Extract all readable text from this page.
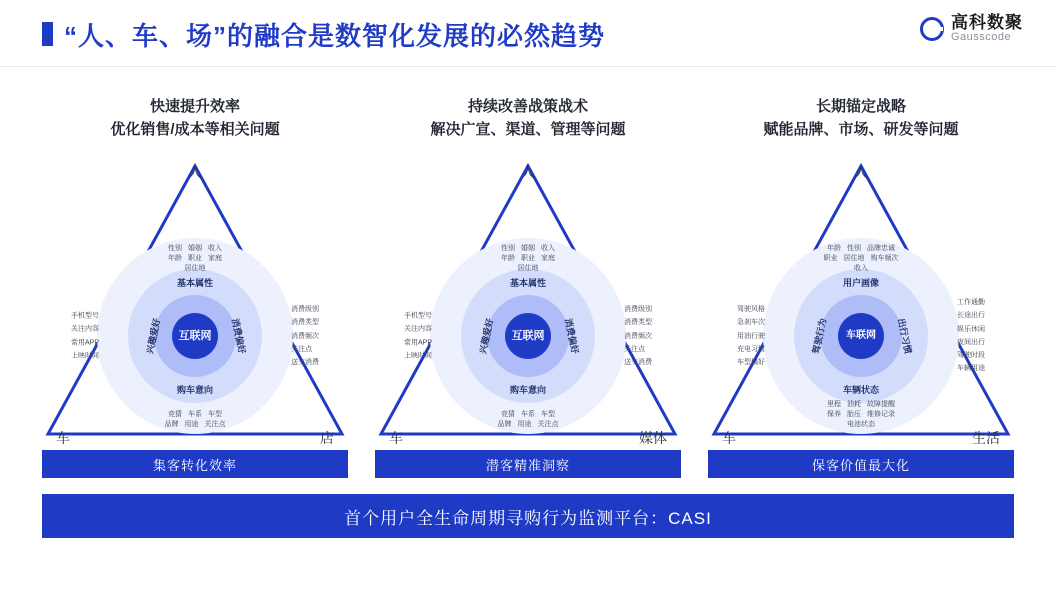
“人、车、场”的融合是数智化发展的必然趋势	高科数聚
Gausscode
快速提升效率
优化销售/成本等相关问题
人
车	店
互联网
基本属性
消费偏好
购车意向
兴趣爱好
性别 婚姻 收入
年龄 职业 家庭
居住地
竞猜 车系 车型
品牌 用途 关注点
手机型号
关注内容
常用APP
上映时间
消费级别
消费类型
消费频次
关注点
送交消费
持续改善战策战术
解决广宣、渠道、管理等问题
人
车	媒体
互联网
基本属性
消费偏好
购车意向
兴趣爱好
性别 婚姻 收入
年龄 职业 家庭
居住地
竞猜 车系 车型
品牌 用途 关注点
手机型号
关注内容
常用APP
上映时间
消费级别
消费类型
消费频次
关注点
送交消费
长期锚定战略
赋能品牌、市场、研发等问题
人
车	生活
车联网
用户画像
出行习惯
车辆状态
驾驶行为
年龄 性别 品牌忠诚
职业 居住地 购车频次
收入
里程 油耗 故障提醒
保养 胎压 维修记录
电池状态
驾驶风格
急刹车次
用油行驶
充电习惯
车型偏好
工作通勤
长途出行
娱乐休闲
夜间出行
驾驶时段
车辆用途
集客转化效率	潜客精准洞察	保客价值最大化
首个用户全生命周期寻购行为监测平台：CASI
